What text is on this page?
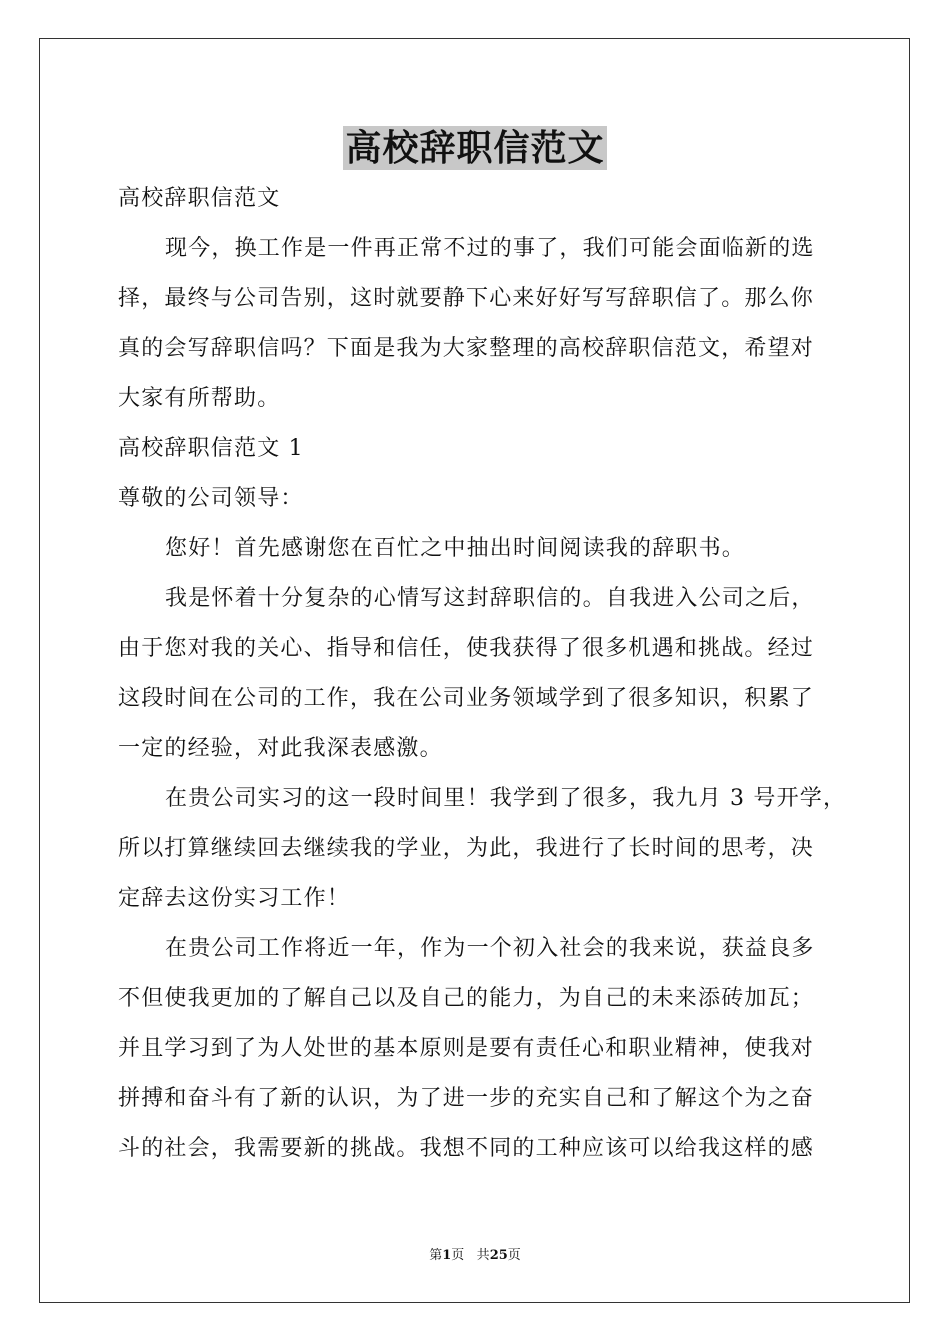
高校辞职信范文

高校辞职信范文

现今，换工作是一件再正常不过的事了，我们可能会面临新的选

择，最终与公司告别，这时就要静下心来好好写写辞职信了。那么你

真的会写辞职信吗？下面是我为大家整理的高校辞职信范文，希望对

大家有所帮助。

高校辞职信范文 1

尊敬的公司领导：

您好！首先感谢您在百忙之中抽出时间阅读我的辞职书。

我是怀着十分复杂的心情写这封辞职信的。自我进入公司之后，

由于您对我的关心、指导和信任，使我获得了很多机遇和挑战。经过

这段时间在公司的工作，我在公司业务领域学到了很多知识，积累了

一定的经验，对此我深表感激。

在贵公司实习的这一段时间里！我学到了很多，我九月 3 号开学，

所以打算继续回去继续我的学业，为此，我进行了长时间的思考，决

定辞去这份实习工作！

在贵公司工作将近一年，作为一个初入社会的我来说，获益良多

不但使我更加的了解自己以及自己的能力，为自己的未来添砖加瓦；

并且学习到了为人处世的基本原则是要有责任心和职业精神，使我对

拼搏和奋斗有了新的认识，为了进一步的充实自己和了解这个为之奋

斗的社会，我需要新的挑战。我想不同的工种应该可以给我这样的感

第1页 共25页
